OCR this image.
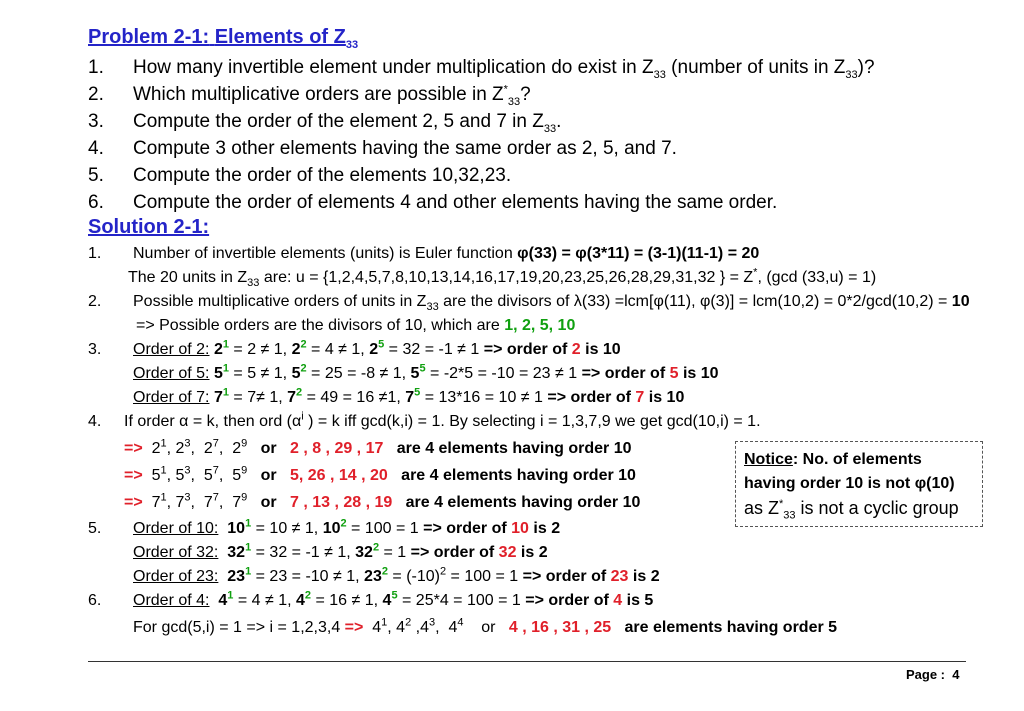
Problem 2-1: Elements of $Z_{33}$
1. How many invertible element under multiplication do exist in $Z_{33}$ (number of units in $Z_{33}$)?
2. Which multiplicative orders are possible in $Z^*_{33}$?
3. Compute the order of the element 2, 5 and 7 in $Z_{33}$.
4. Compute 3 other elements having the same order as 2, 5, and 7.
5. Compute the order of the elements 10,32,23.
6. Compute the order of elements 4 and other elements having the same order.
Solution 2-1:
1. Number of invertible elements (units) is Euler function φ(33) = φ(3*11) = (3-1)(11-1) = 20
The 20 units in $Z_{33}$ are: u = {1,2,4,5,7,8,10,13,14,16,17,19,20,23,25,26,28,29,31,32 } = Z*, (gcd (33,u) = 1)
2. Possible multiplicative orders of units in $Z_{33}$ are the divisors of λ(33) =lcm[φ(11), φ(3)] = lcm(10,2) = 0*2/gcd(10,2) = 10
=> Possible orders are the divisors of 10, which are 1, 2, 5, 10
3. Order of 2: $2^1 = 2 \ne 1$, $2^2 = 4 \ne 1$, $2^5 = 32 = -1 \ne 1$ => order of 2 is 10
Order of 5: $5^1 = 5 \ne 1$, $5^2 = 25 = -8 \ne 1$, $5^5 = -2*5 = -10 = 23 \ne 1$ => order of 5 is 10
Order of 7: $7^1 = 7\ne 1$, $7^2 = 49 = 16 \ne 1$, $7^5 = 13*16 = 10 \ne 1$ => order of 7 is 10
4. If order α = k, then ord ($\alpha^i$ ) = k iff gcd(k,i) = 1. By selecting i = 1,3,7,9 we get gcd(10,i) = 1.
=> $2^1$, $2^3$,  $2^7$,  $2^9$ or 2 , 8 , 29 , 17 are 4 elements having order 10
=> $5^1$, $5^3$,  $5^7$,  $5^9$ or 5, 26 , 14 , 20 are 4 elements having order 10
=> $7^1$, $7^3$,  $7^7$,  $7^9$ or 7 , 13 , 28 , 19 are 4 elements having order 10
Notice: No. of elements
having order 10 is not φ(10)
as $Z^*_{33}$ is not a cyclic group
5. Order of 10: $10^1 = 10 \ne 1$, $10^2 = 100 = 1$ => order of 10 is 2
Order of 32: $32^1 = 32 = -1 \ne 1$, $32^2 = 1$ => order of 32 is 2
Order of 23: $23^1 = 23 = -10 \ne 1$, $23^2 = (-10)^2 = 100 = 1$ => order of 23 is 2
6. Order of 4: $4^1 = 4 \ne 1$, $4^2 = 16 \ne 1$, $4^5 = 25*4 = 100 = 1$ => order of 4 is 5
For $\gcd(5,i) = 1 => i = 1,2,3,4 => 4^1$, $4^2$ $,4^3$,  $4^4$ or 4 , 16 , 31 , 25 are elements having order 5
Page : 4
